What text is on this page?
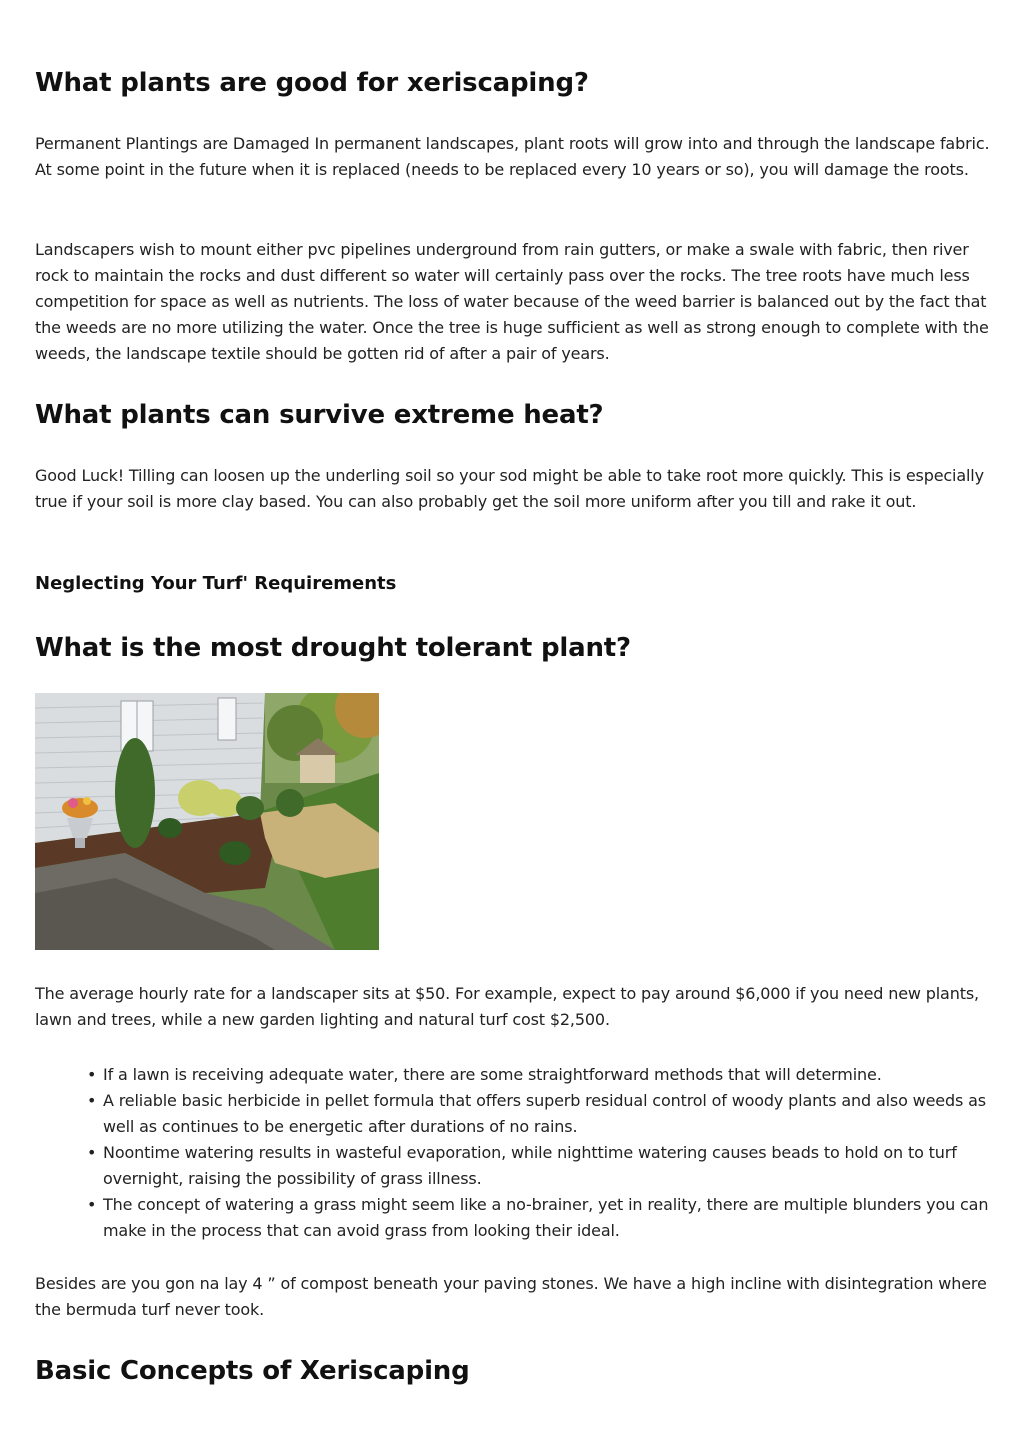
What plants are good for xeriscaping?

Permanent Plantings are Damaged In permanent landscapes, plant roots will grow into and through the landscape fabric. At some point in the future when it is replaced (needs to be replaced every 10 years or so), you will damage the roots.

Landscapers wish to mount either pvc pipelines underground from rain gutters, or make a swale with fabric, then river rock to maintain the rocks and dust different so water will certainly pass over the rocks. The tree roots have much less competition for space as well as nutrients. The loss of water because of the weed barrier is balanced out by the fact that the weeds are no more utilizing the water. Once the tree is huge sufficient as well as strong enough to complete with the weeds, the landscape textile should be gotten rid of after a pair of years.

What plants can survive extreme heat?

Good Luck! Tilling can loosen up the underling soil so your sod might be able to take root more quickly. This is especially true if your soil is more clay based. You can also probably get the soil more uniform after you till and rake it out.

Neglecting Your Turf' Requirements
What is the most drought tolerant plant?

The average hourly rate for a landscaper sits at $50. For example, expect to pay around $6,000 if you need new plants, lawn and trees, while a new garden lighting and natural turf cost $2,500.

• If a lawn is receiving adequate water, there are some straightforward methods that will determine.
• A reliable basic herbicide in pellet formula that offers superb residual control of woody plants and also weeds as well as continues to be energetic after durations of no rains.
• Noontime watering results in wasteful evaporation, while nighttime watering causes beads to hold on to turf overnight, raising the possibility of grass illness.
• The concept of watering a grass might seem like a no-brainer, yet in reality, there are multiple blunders you can make in the process that can avoid grass from looking their ideal.

Besides are you gon na lay 4 ” of compost beneath your paving stones. We have a high incline with disintegration where the bermuda turf never took.

Basic Concepts of Xeriscaping
